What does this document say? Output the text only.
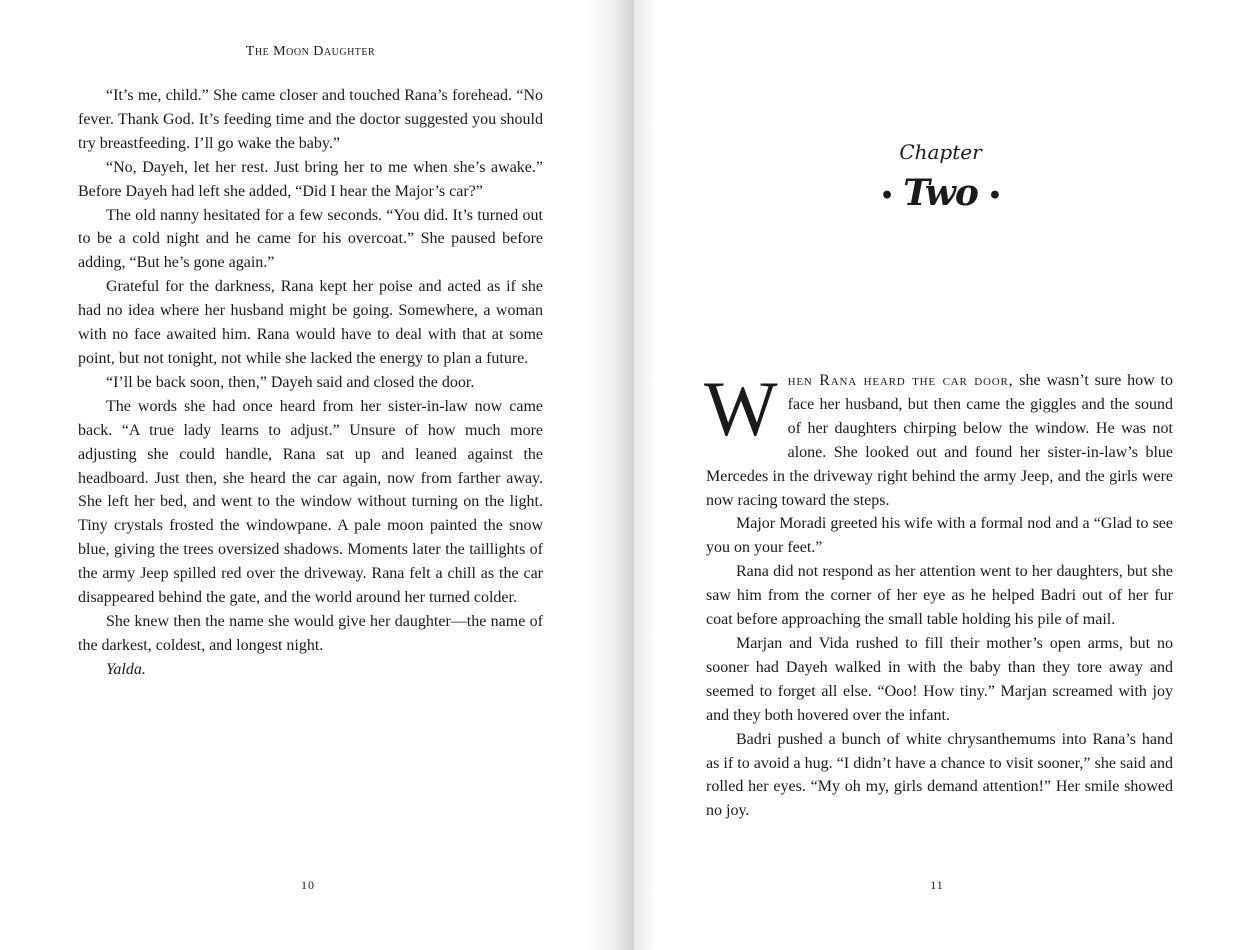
The Moon Daughter

“It’s me, child.” She came closer and touched Rana’s forehead. “No fever. Thank God. It’s feeding time and the doctor suggested you should try breastfeeding. I’ll go wake the baby.”

“No, Dayeh, let her rest. Just bring her to me when she’s awake.” Before Dayeh had left she added, “Did I hear the Major’s car?”

The old nanny hesitated for a few seconds. “You did. It’s turned out to be a cold night and he came for his overcoat.” She paused before adding, “But he’s gone again.”

Grateful for the darkness, Rana kept her poise and acted as if she had no idea where her husband might be going. Somewhere, a woman with no face awaited him. Rana would have to deal with that at some point, but not tonight, not while she lacked the energy to plan a future.

“I’ll be back soon, then,” Dayeh said and closed the door.

The words she had once heard from her sister-in-law now came back. “A true lady learns to adjust.” Unsure of how much more adjusting she could handle, Rana sat up and leaned against the headboard. Just then, she heard the car again, now from farther away. She left her bed, and went to the window without turning on the light. Tiny crystals frosted the windowpane. A pale moon painted the snow blue, giving the trees oversized shadows. Moments later the taillights of the army Jeep spilled red over the driveway. Rana felt a chill as the car disappeared behind the gate, and the world around her turned colder.

She knew then the name she would give her daughter—the name of the darkest, coldest, and longest night.

Yalda.

10
Chapter
• Two •

When Rana heard the car door, she wasn’t sure how to face her husband, but then came the giggles and the sound of her daughters chirping below the window. He was not alone. She looked out and found her sister-in-law’s blue Mercedes in the driveway right behind the army Jeep, and the girls were now racing toward the steps.

Major Moradi greeted his wife with a formal nod and a “Glad to see you on your feet.”

Rana did not respond as her attention went to her daughters, but she saw him from the corner of her eye as he helped Badri out of her fur coat before approaching the small table holding his pile of mail.

Marjan and Vida rushed to fill their mother’s open arms, but no sooner had Dayeh walked in with the baby than they tore away and seemed to forget all else. “Ooo! How tiny.” Marjan screamed with joy and they both hovered over the infant.

Badri pushed a bunch of white chrysanthemums into Rana’s hand as if to avoid a hug. “I didn’t have a chance to visit sooner,” she said and rolled her eyes. “My oh my, girls demand attention!” Her smile showed no joy.

11
